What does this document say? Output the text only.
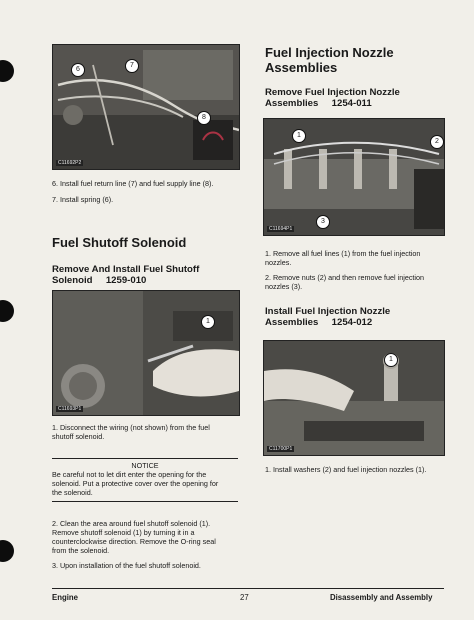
6
7
8
C11692P2
6. Install fuel return line (7) and fuel supply line (8).
7. Install spring (6).
Fuel Shutoff Solenoid
Remove And Install Fuel Shutoff
Solenoid     1259-010
1
C11693P1
1. Disconnect the wiring (not shown) from the fuel
shutoff solenoid.
NOTICE
Be careful not to let dirt enter the opening for the
solenoid. Put a protective cover over the opening for
the solenoid.
2. Clean the area around fuel shutoff solenoid (1).
Remove shutoff solenoid (1) by turning it in a
counterclockwise direction. Remove the O-ring seal
from the solenoid.
3. Upon installation of the fuel shutoff solenoid.
Fuel Injection Nozzle
Assemblies
Remove Fuel Injection Nozzle
Assemblies     1254-011
1
2
3
C11694P1
1. Remove all fuel lines (1) from the fuel injection
nozzles.
2. Remove nuts (2) and then remove fuel injection
nozzles (3).
Install Fuel Injection Nozzle
Assemblies     1254-012
1
C11700P1
1. Install washers (2) and fuel injection nozzles (1).
Engine	27	Disassembly and Assembly
